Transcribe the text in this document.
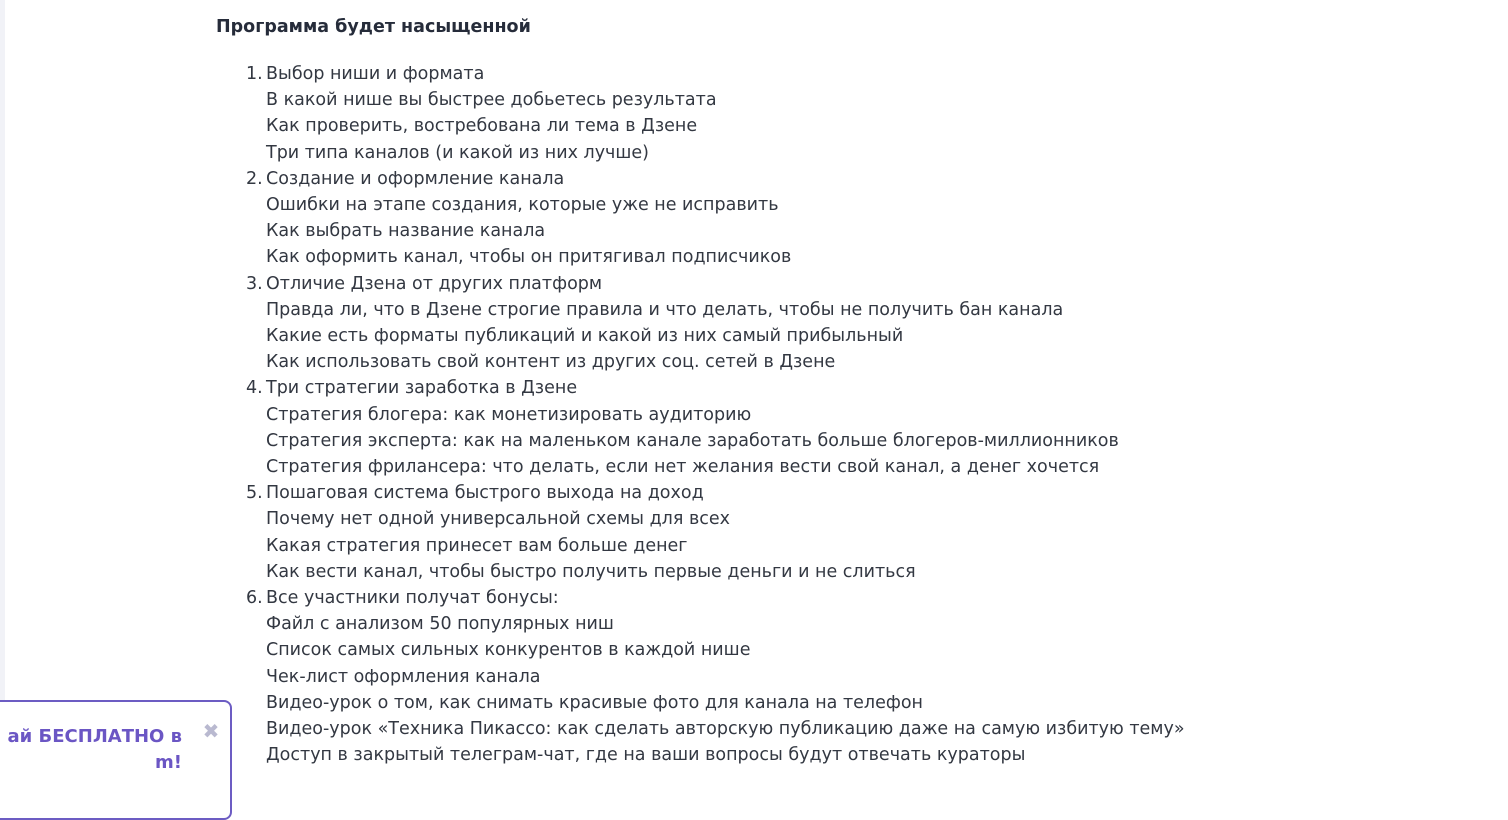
Программа будет насыщенной
1. Выбор ниши и формата
В какой нише вы быстрее добьетесь результата
Как проверить, востребована ли тема в Дзене
Три типа каналов (и какой из них лучше)
2. Создание и оформление канала
Ошибки на этапе создания, которые уже не исправить
Как выбрать название канала
Как оформить канал, чтобы он притягивал подписчиков
3. Отличие Дзена от других платформ
Правда ли, что в Дзене строгие правила и что делать, чтобы не получить бан канала
Какие есть форматы публикаций и какой из них самый прибыльный
Как использовать свой контент из других соц. сетей в Дзене
4. Три стратегии заработка в Дзене
Стратегия блогера: как монетизировать аудиторию
Стратегия эксперта: как на маленьком канале заработать больше блогеров-миллионников
Стратегия фрилансера: что делать, если нет желания вести свой канал, а денег хочется
5. Пошаговая система быстрого выхода на доход
Почему нет одной универсальной схемы для всех
Какая стратегия принесет вам больше денег
Как вести канал, чтобы быстро получить первые деньги и не слиться
6. Все участники получат бонусы:
Файл с анализом 50 популярных ниш
Список самых сильных конкурентов в каждой нише
Чек-лист оформления канала
Видео-урок о том, как снимать красивые фото для канала на телефон
Видео-урок «Техника Пикассо: как сделать авторскую публикацию даже на самую избитую тему»
Доступ в закрытый телеграм-чат, где на ваши вопросы будут отвечать кураторы
ай БЕСПЛАТНО в
m!
✖
